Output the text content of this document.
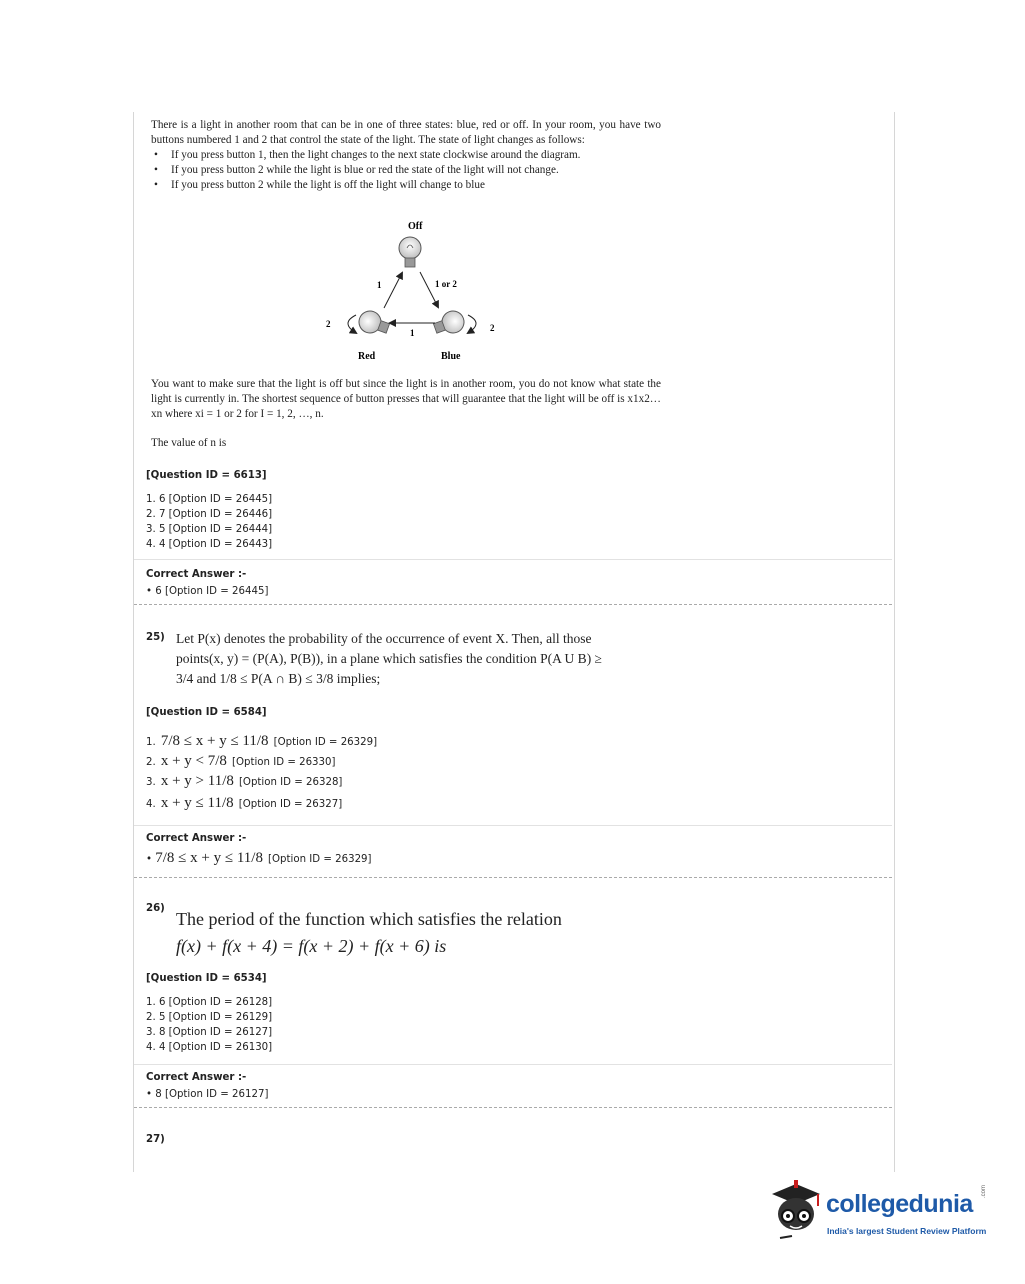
There is a light in another room that can be in one of three states: blue, red or off. In your room, you have two buttons numbered 1 and 2 that control the state of the light. The state of light changes as follows:
• If you press button 1, then the light changes to the next state clockwise around the diagram.
• If you press button 2 while the light is blue or red the state of the light will not change.
• If you press button 2 while the light is off the light will change to blue
Off
1	1 or 2
1
2	2
Red	Blue
You want to make sure that the light is off but since the light is in another room, you do not know what state the light is currently in. The shortest sequence of button presses that will guarantee that the light will be off is x1x2… xn where xi = 1 or 2 for I = 1, 2, …, n.
The value of n is
[Question ID = 6613]
1. 6 [Option ID = 26445]
2. 7 [Option ID = 26446]
3. 5 [Option ID = 26444]
4. 4 [Option ID = 26443]
Correct Answer :-
• 6 [Option ID = 26445]
25) Let P(x) denotes the probability of the occurrence of event X. Then, all those
points(x, y) = (P(A), P(B)), in a plane which satisfies the condition P(A U B) ≥
3/4 and 1/8 ≤ P(A ∩ B) ≤ 3/8 implies;
[Question ID = 6584]
1. 7/8 ≤ x + y ≤ 11/8 [Option ID = 26329]
2. x + y < 7/8 [Option ID = 26330]
3. x + y > 11/8 [Option ID = 26328]
4. x + y ≤ 11/8 [Option ID = 26327]
Correct Answer :-
• 7/8 ≤ x + y ≤ 11/8 [Option ID = 26329]
26)
The period of the function which satisfies the relation
f(x) + f(x + 4) = f(x + 2) + f(x + 6) is
[Question ID = 6534]
1. 6 [Option ID = 26128]
2. 5 [Option ID = 26129]
3. 8 [Option ID = 26127]
4. 4 [Option ID = 26130]
Correct Answer :-
• 8 [Option ID = 26127]
27)
collegedunia .com
India's largest Student Review Platform
